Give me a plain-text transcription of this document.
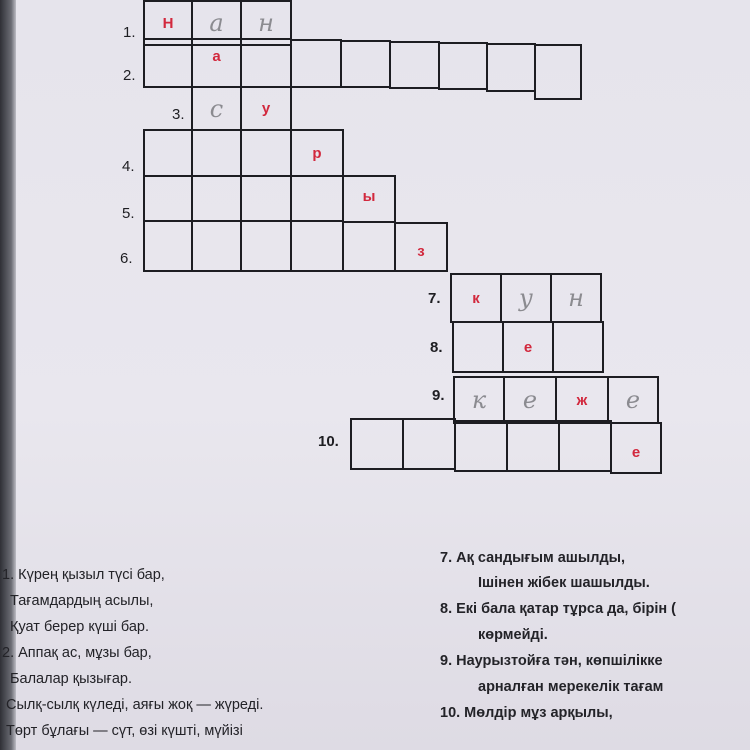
1.
2.
3.
4.
5.
6.
7.
8.
9.
10.
Н а н
а
с	у
р
ы
з
к у н
е
к е	ж е
е
1. Күрең қызыл түсі бар,
Тағамдардың асылы,
Қуат берер күші бар.
2. Аппақ ас, мұзы бар,
Балалар қызығар.
Сылқ-сылқ күледі, аяғы жоқ — жүреді.
Төрт бұлағы — сүт, өзі күшті, мүйізі
7. Ақ сандығым ашылды,
Ішінен жібек шашылды.
8. Екі бала қатар тұрса да, бірін (
көрмейді.
9. Наурызтойға тән, көпшілікке
арналған мерекелік тағам
10. Мөлдір мұз арқылы,
